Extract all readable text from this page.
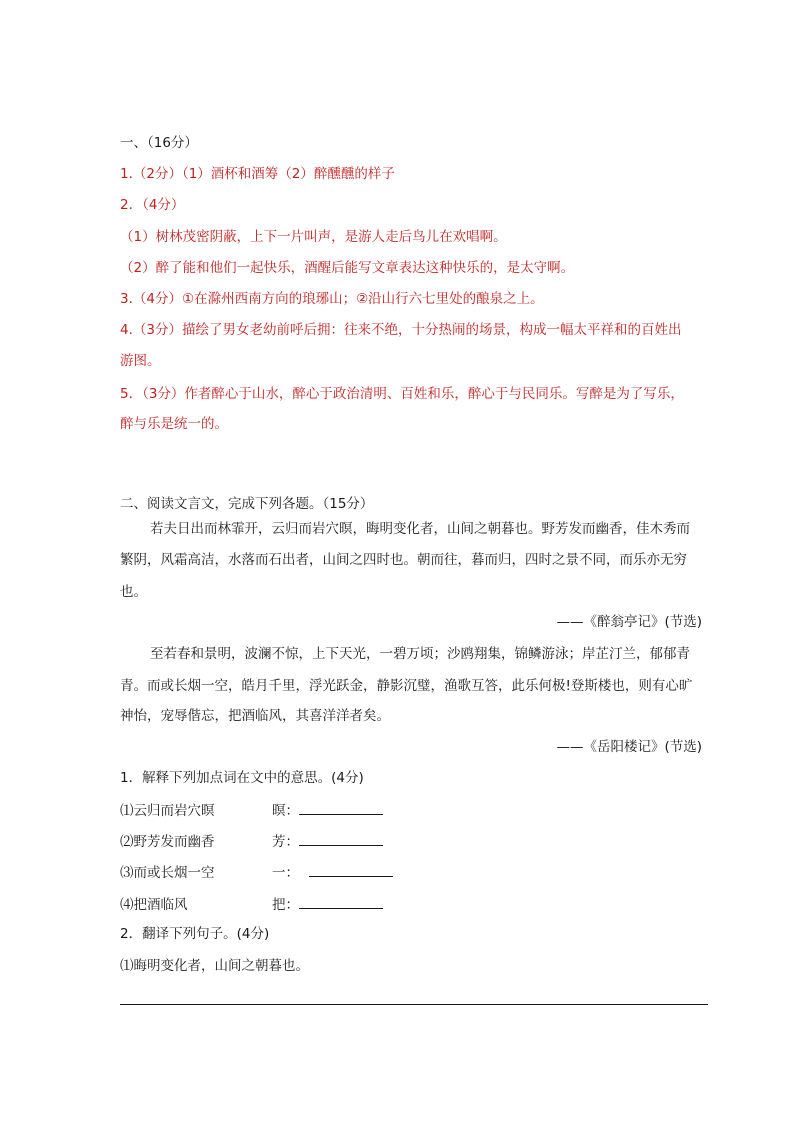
一、（16分）
1.（2分）（1）酒杯和酒筹（2）醉醺醺的样子
2．（4分）
（1）树林茂密阴蔽，上下一片叫声，是游人走后鸟儿在欢唱啊。
（2）醉了能和他们一起快乐，酒醒后能写文章表达这种快乐的，是太守啊。
3.（4分）①在滁州西南方向的琅琊山；②沿山行六七里处的酿泉之上。
4.（3分）描绘了男女老幼前呼后拥：往来不绝，十分热闹的场景，构成一幅太平祥和的百姓出
游图。
5．（3分）作者醉心于山水，醉心于政治清明、百姓和乐，醉心于与民同乐。写醉是为了写乐，
醉与乐是统一的。
二、阅读文言文，完成下列各题。（15分）
若夫日出而林霏开，云归而岩穴暝，晦明变化者，山间之朝暮也。野芳发而幽香，佳木秀而
繁阴，风霜高洁，水落而石出者，山间之四时也。朝而往，暮而归，四时之景不同，而乐亦无穷
也。
——《醉翁亭记》(节选)
至若春和景明，波澜不惊，上下天光，一碧万顷；沙鸥翔集，锦鳞游泳；岸芷汀兰，郁郁青
青。而或长烟一空，皓月千里，浮光跃金，静影沉璧，渔歌互答，此乐何极!登斯楼也，则有心旷
神怡，宠辱偕忘，把酒临风，其喜洋洋者矣。
——《岳阳楼记》(节选)
1．解释下列加点词在文中的意思。(4分)
⑴云归而岩穴暝	暝：
⑵野芳发而幽香	芳：
⑶而或长烟一空	一：
⑷把酒临风	把：
2．翻译下列句子。(4分)
⑴晦明变化者，山间之朝暮也。
